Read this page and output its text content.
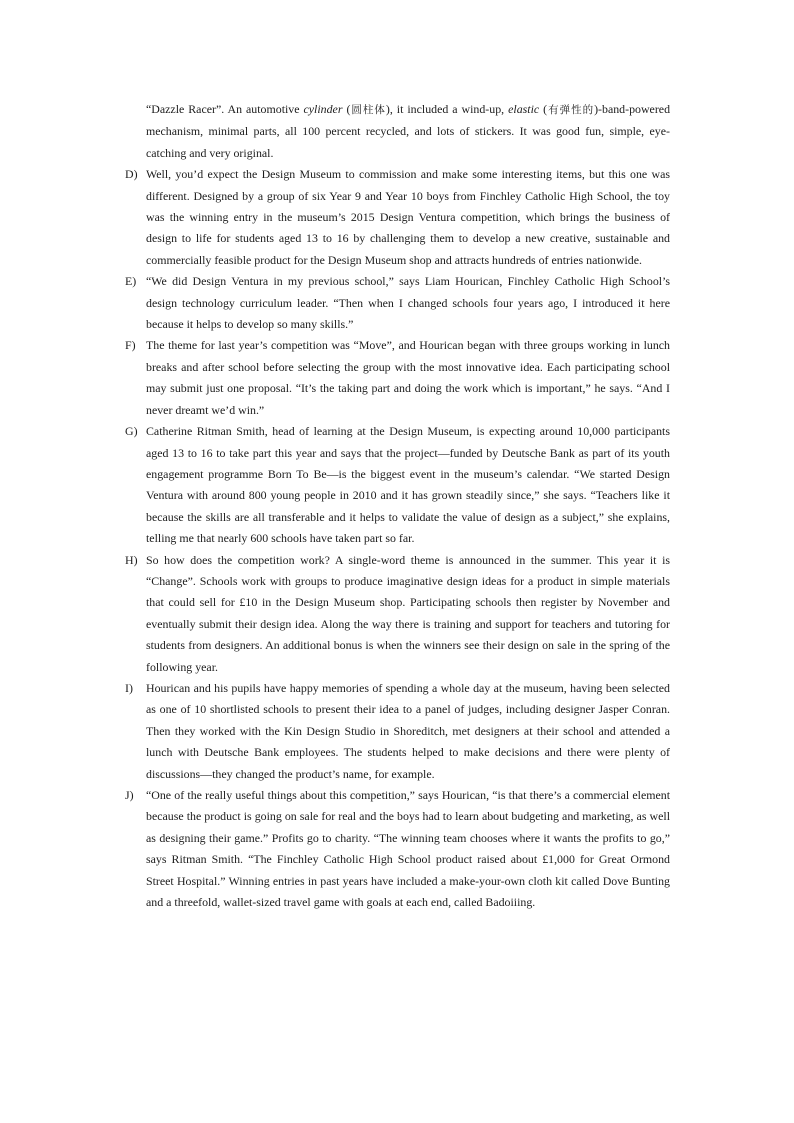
“Dazzle Racer”. An automotive cylinder (圆柱体), it included a wind-up, elastic (有弹性的)-band-powered mechanism, minimal parts, all 100 percent recycled, and lots of stickers. It was good fun, simple, eye-catching and very original.

D) Well, you’d expect the Design Museum to commission and make some interesting items, but this one was different. Designed by a group of six Year 9 and Year 10 boys from Finchley Catholic High School, the toy was the winning entry in the museum’s 2015 Design Ventura competition, which brings the business of design to life for students aged 13 to 16 by challenging them to develop a new creative, sustainable and commercially feasible product for the Design Museum shop and attracts hundreds of entries nationwide.

E) “We did Design Ventura in my previous school,” says Liam Hourican, Finchley Catholic High School’s design technology curriculum leader. “Then when I changed schools four years ago, I introduced it here because it helps to develop so many skills.”

F) The theme for last year’s competition was “Move”, and Hourican began with three groups working in lunch breaks and after school before selecting the group with the most innovative idea. Each participating school may submit just one proposal. “It’s the taking part and doing the work which is important,” he says. “And I never dreamt we’d win.”

G) Catherine Ritman Smith, head of learning at the Design Museum, is expecting around 10,000 participants aged 13 to 16 to take part this year and says that the project—funded by Deutsche Bank as part of its youth engagement programme Born To Be—is the biggest event in the museum’s calendar. “We started Design Ventura with around 800 young people in 2010 and it has grown steadily since,” she says. “Teachers like it because the skills are all transferable and it helps to validate the value of design as a subject,” she explains, telling me that nearly 600 schools have taken part so far.

H) So how does the competition work? A single-word theme is announced in the summer. This year it is “Change”. Schools work with groups to produce imaginative design ideas for a product in simple materials that could sell for £10 in the Design Museum shop. Participating schools then register by November and eventually submit their design idea. Along the way there is training and support for teachers and tutoring for students from designers. An additional bonus is when the winners see their design on sale in the spring of the following year.

I) Hourican and his pupils have happy memories of spending a whole day at the museum, having been selected as one of 10 shortlisted schools to present their idea to a panel of judges, including designer Jasper Conran. Then they worked with the Kin Design Studio in Shoreditch, met designers at their school and attended a lunch with Deutsche Bank employees. The students helped to make decisions and there were plenty of discussions—they changed the product’s name, for example.

J) “One of the really useful things about this competition,” says Hourican, “is that there’s a commercial element because the product is going on sale for real and the boys had to learn about budgeting and marketing, as well as designing their game.” Profits go to charity. “The winning team chooses where it wants the profits to go,” says Ritman Smith. “The Finchley Catholic High School product raised about £1,000 for Great Ormond Street Hospital.” Winning entries in past years have included a make-your-own cloth kit called Dove Bunting and a threefold, wallet-sized travel game with goals at each end, called Badoiiing.
